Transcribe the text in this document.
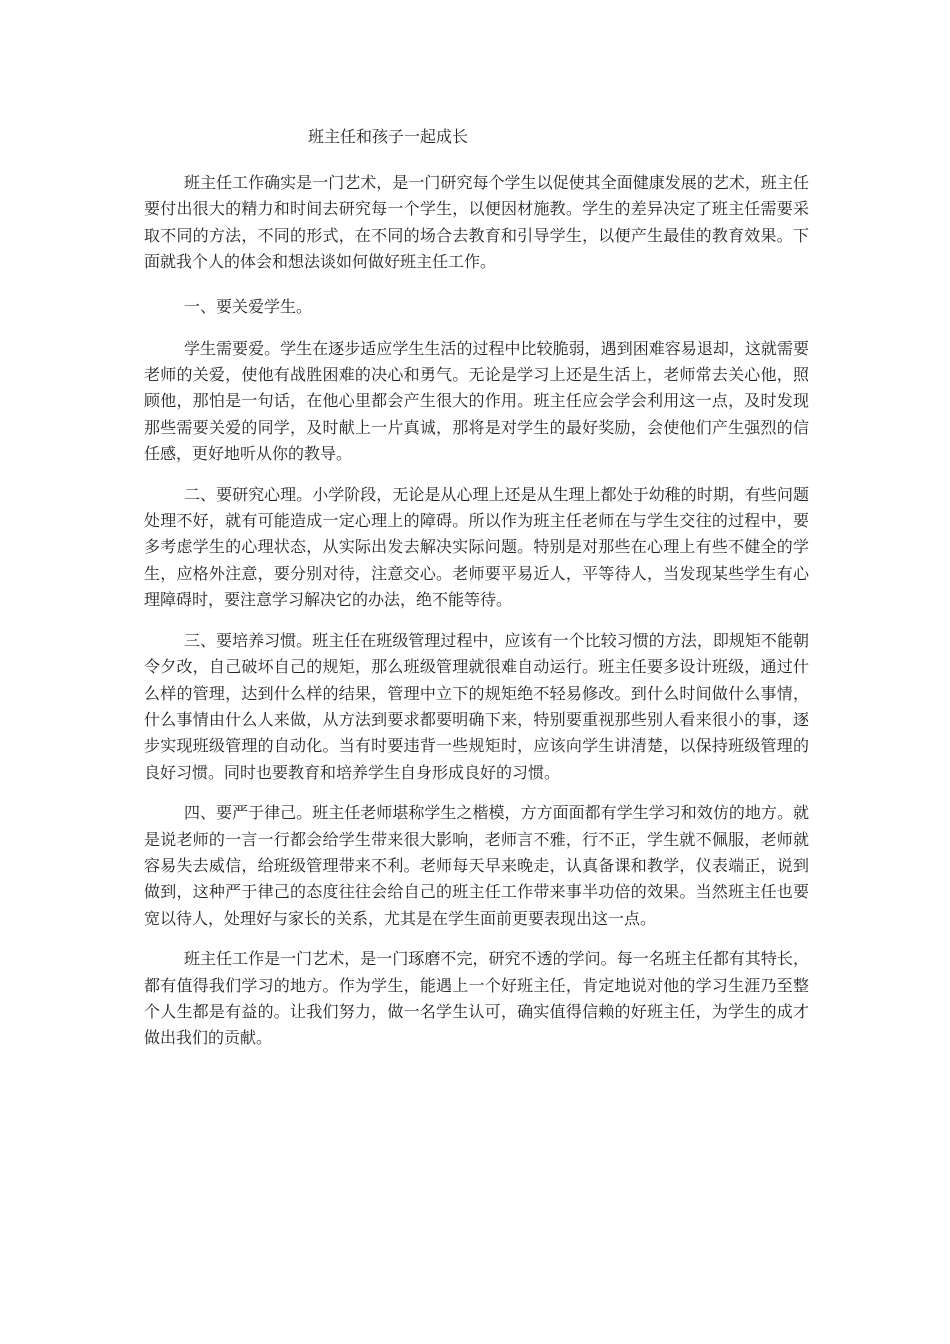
班主任和孩子一起成长

班主任工作确实是一门艺术，是一门研究每个学生以促使其全面健康发展的艺术，班主任要付出很大的精力和时间去研究每一个学生，以便因材施教。学生的差异决定了班主任需要采取不同的方法，不同的形式，在不同的场合去教育和引导学生，以便产生最佳的教育效果。下面就我个人的体会和想法谈如何做好班主任工作。

一、要关爱学生。

学生需要爱。学生在逐步适应学生生活的过程中比较脆弱，遇到困难容易退却，这就需要老师的关爱，使他有战胜困难的决心和勇气。无论是学习上还是生活上，老师常去关心他，照顾他，那怕是一句话，在他心里都会产生很大的作用。班主任应会学会利用这一点，及时发现那些需要关爱的同学，及时献上一片真诚，那将是对学生的最好奖励，会使他们产生强烈的信任感，更好地听从你的教导。

二、要研究心理。小学阶段，无论是从心理上还是从生理上都处于幼稚的时期，有些问题处理不好，就有可能造成一定心理上的障碍。所以作为班主任老师在与学生交往的过程中，要多考虑学生的心理状态，从实际出发去解决实际问题。特别是对那些在心理上有些不健全的学生，应格外注意，要分别对待，注意交心。老师要平易近人，平等待人，当发现某些学生有心理障碍时，要注意学习解决它的办法，绝不能等待。

三、要培养习惯。班主任在班级管理过程中，应该有一个比较习惯的方法，即规矩不能朝令夕改，自己破坏自己的规矩，那么班级管理就很难自动运行。班主任要多设计班级，通过什么样的管理，达到什么样的结果，管理中立下的规矩绝不轻易修改。到什么时间做什么事情，什么事情由什么人来做，从方法到要求都要明确下来，特别要重视那些别人看来很小的事，逐步实现班级管理的自动化。当有时要违背一些规矩时，应该向学生讲清楚，以保持班级管理的良好习惯。同时也要教育和培养学生自身形成良好的习惯。

四、要严于律己。班主任老师堪称学生之楷模，方方面面都有学生学习和效仿的地方。就是说老师的一言一行都会给学生带来很大影响，老师言不雅，行不正，学生就不佩服，老师就容易失去威信，给班级管理带来不利。老师每天早来晚走，认真备课和教学，仪表端正，说到做到，这种严于律己的态度往往会给自己的班主任工作带来事半功倍的效果。当然班主任也要宽以待人，处理好与家长的关系，尤其是在学生面前更要表现出这一点。

班主任工作是一门艺术，是一门琢磨不完，研究不透的学问。每一名班主任都有其特长，都有值得我们学习的地方。作为学生，能遇上一个好班主任，肯定地说对他的学习生涯乃至整个人生都是有益的。让我们努力，做一名学生认可，确实值得信赖的好班主任，为学生的成才做出我们的贡献。
